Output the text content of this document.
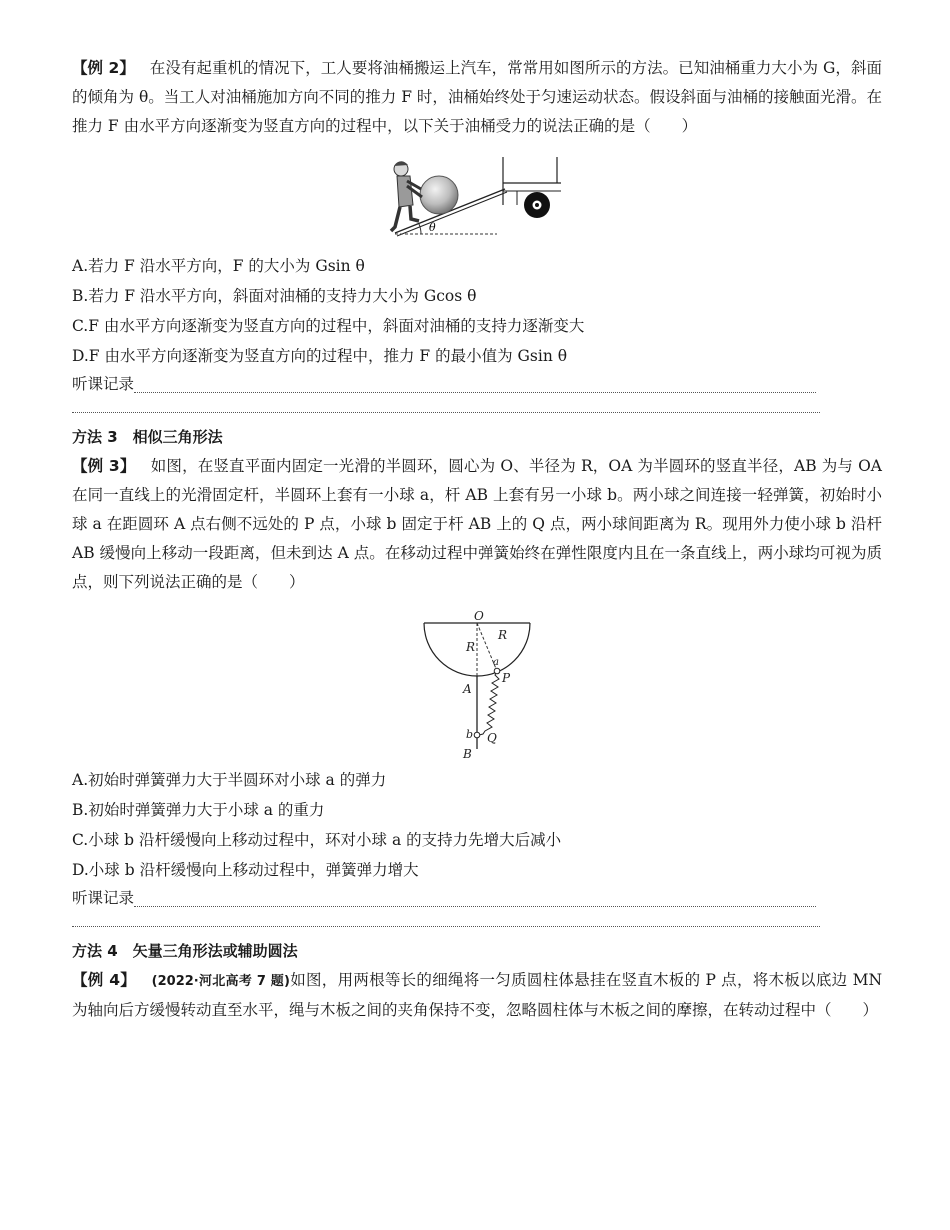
【例 2】 在没有起重机的情况下，工人要将油桶搬运上汽车，常常用如图所示的方法。已知油桶重力大小为 G，斜面的倾角为 θ。当工人对油桶施加方向不同的推力 F 时，油桶始终处于匀速运动状态。假设斜面与油桶的接触面光滑。在推力 F 由水平方向逐渐变为竖直方向的过程中，以下关于油桶受力的说法正确的是（　　）

θ

A.若力 F 沿水平方向，F 的大小为 Gsin θ

B.若力 F 沿水平方向，斜面对油桶的支持力大小为 Gcos θ

C.F 由水平方向逐渐变为竖直方向的过程中，斜面对油桶的支持力逐渐变大

D.F 由水平方向逐渐变为竖直方向的过程中，推力 F 的最小值为 Gsin θ

听课记录
方法 3　相似三角形法

【例 3】 如图，在竖直平面内固定一光滑的半圆环，圆心为 O、半径为 R，OA 为半圆环的竖直半径，AB 为与 OA 在同一直线上的光滑固定杆，半圆环上套有一小球 a，杆 AB 上套有另一小球 b。两小球之间连接一轻弹簧，初始时小球 a 在距圆环 A 点右侧不远处的 P 点，小球 b 固定于杆 AB 上的 Q 点，两小球间距离为 R。现用外力使小球 b 沿杆 AB 缓慢向上移动一段距离，但未到达 A 点。在移动过程中弹簧始终在弹性限度内且在一条直线上，两小球均可视为质点，则下列说法正确的是（　　）

O
R
R
a
P
A
b Q
B

A.初始时弹簧弹力大于半圆环对小球 a 的弹力

B.初始时弹簧弹力大于小球 a 的重力

C.小球 b 沿杆缓慢向上移动过程中，环对小球 a 的支持力先增大后减小

D.小球 b 沿杆缓慢向上移动过程中，弹簧弹力增大

听课记录
方法 4　矢量三角形法或辅助圆法

【例 4】 (2022·河北高考 7 题)如图，用两根等长的细绳将一匀质圆柱体悬挂在竖直木板的 P 点，将木板以底边 MN 为轴向后方缓慢转动直至水平，绳与木板之间的夹角保持不变，忽略圆柱体与木板之间的摩擦，在转动过程中（　　）
